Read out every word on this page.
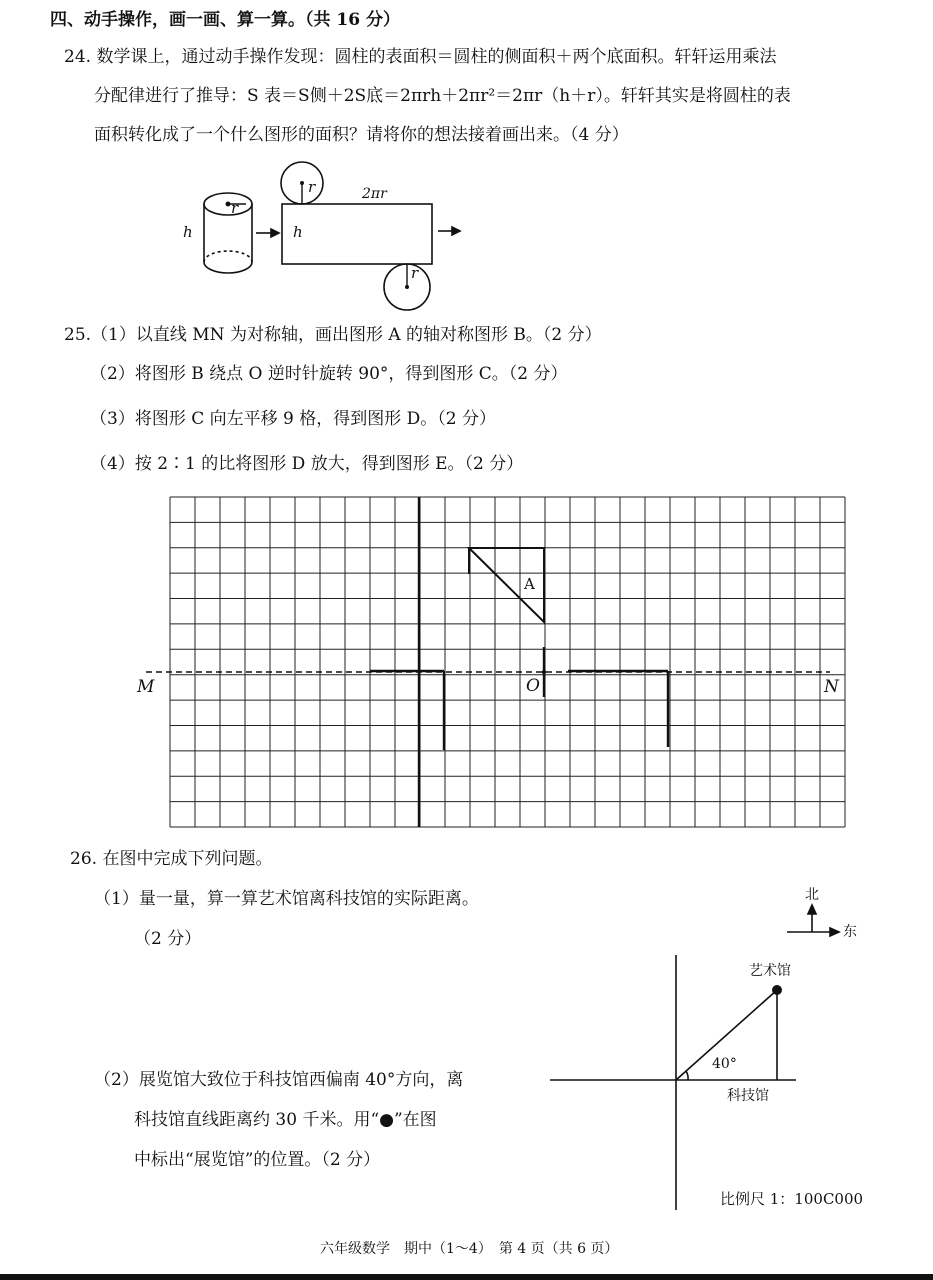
四、动手操作，画一画、算一算。（共 16 分）
24. 数学课上，通过动手操作发现：圆柱的表面积＝圆柱的侧面积＋两个底面积。轩轩运用乘法
分配律进行了推导：S 表＝S侧＋2S底＝2πrh＋2πr²＝2πr（h＋r）。轩轩其实是将圆柱的表
面积转化成了一个什么图形的面积？请将你的想法接着画出来。（4 分）
h
r
h
2πr
r
r
25.（1）以直线 MN 为对称轴，画出图形 A 的轴对称图形 B。（2 分）
（2）将图形 B 绕点 O 逆时针旋转 90°，得到图形 C。（2 分）
（3）将图形 C 向左平移 9 格，得到图形 D。（2 分）
（4）按 2∶1 的比将图形 D 放大，得到图形 E。（2 分）
M	N
O
A
26. 在图中完成下列问题。
（1）量一量，算一算艺术馆离科技馆的实际距离。
（2 分）
（2）展览馆大致位于科技馆西偏南 40°方向，离
科技馆直线距离约 30 千米。用“●”在图
中标出“展览馆”的位置。（2 分）
北
东
艺术馆
40°
科技馆
比例尺 1：100C000
六年级数学　期中（1～4）　第 4 页（共 6 页）
